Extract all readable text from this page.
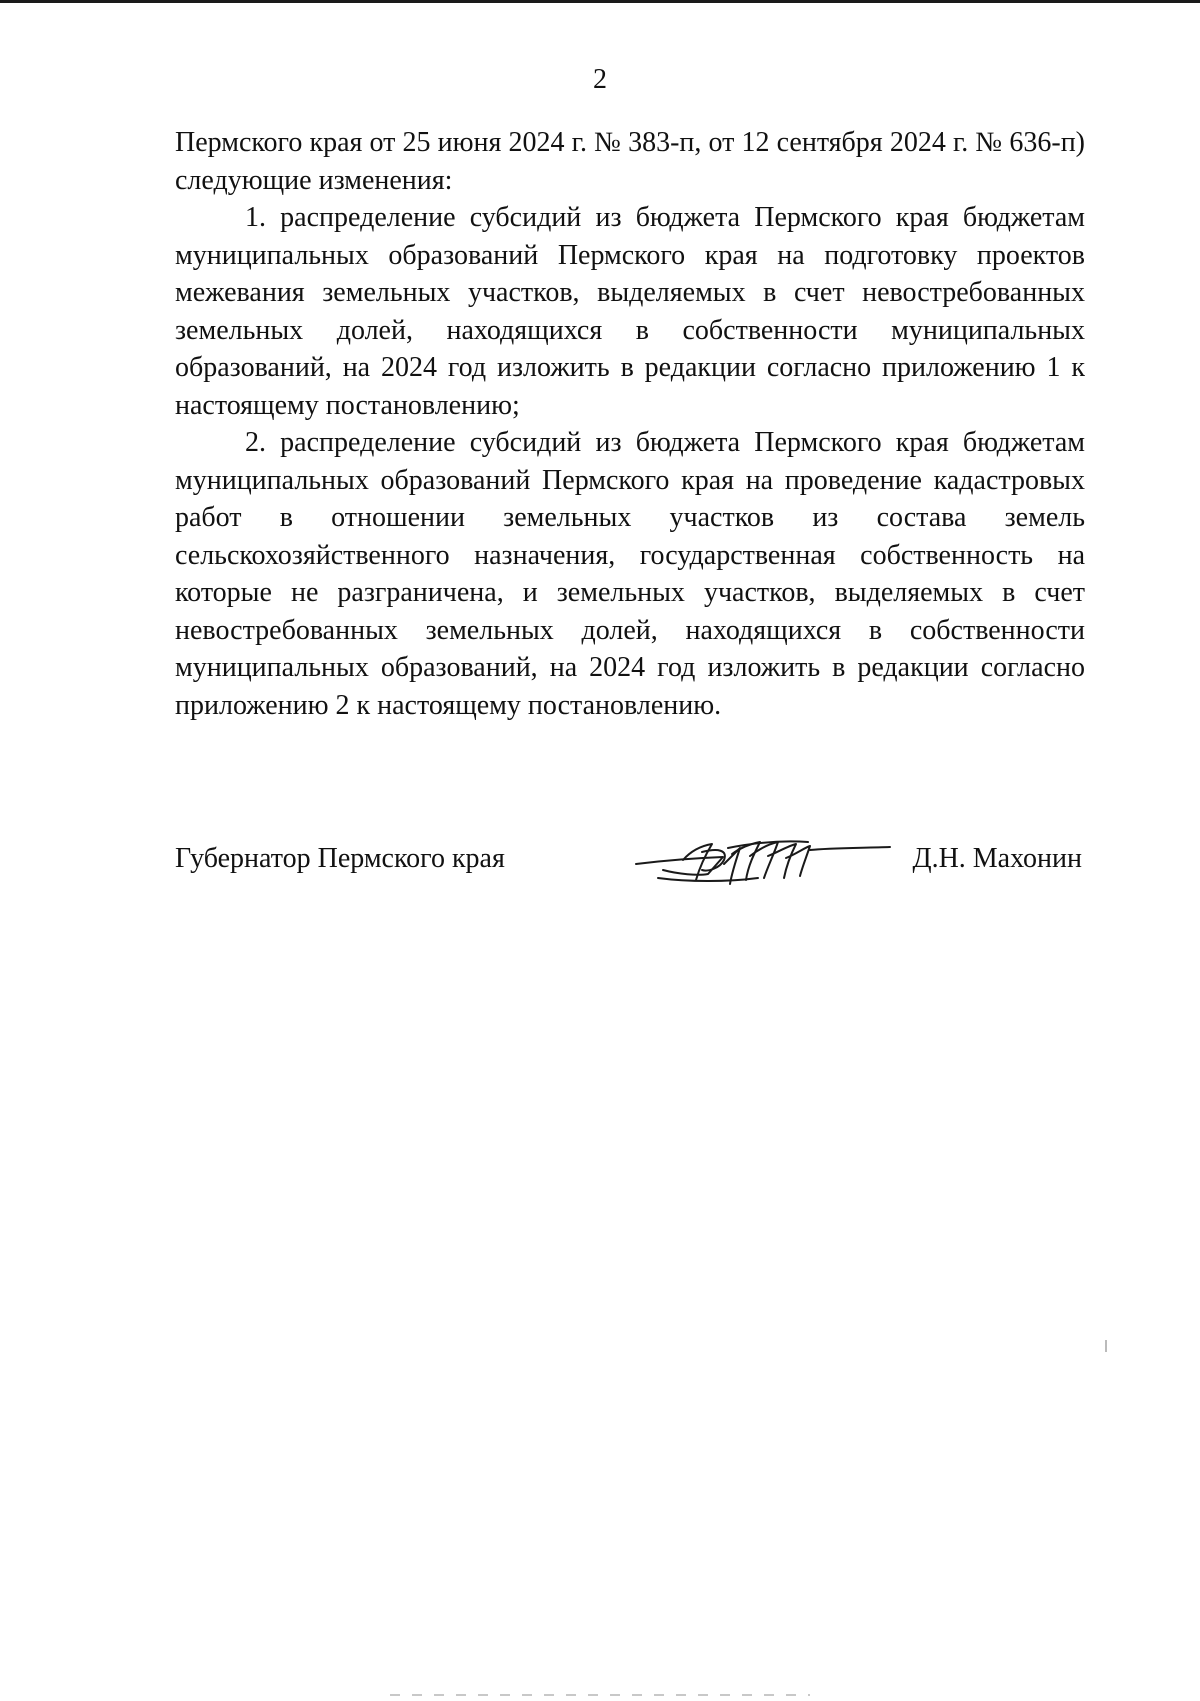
2

Пермского края от 25 июня 2024 г. № 383-п, от 12 сентября 2024 г. № 636-п) следующие изменения:

1. распределение субсидий из бюджета Пермского края бюджетам муниципальных образований Пермского края на подготовку проектов межевания земельных участков, выделяемых в счет невостребованных земельных долей, находящихся в собственности муниципальных образований, на 2024 год изложить в редакции согласно приложению 1 к настоящему постановлению;

2. распределение субсидий из бюджета Пермского края бюджетам муниципальных образований Пермского края на проведение кадастровых работ в отношении земельных участков из состава земель сельскохозяйственного назначения, государственная собственность на которые не разграничена, и земельных участков, выделяемых в счет невостребованных земельных долей, находящихся в собственности муниципальных образований, на 2024 год изложить в редакции согласно приложению 2 к настоящему постановлению.

Губернатор Пермского края	Д.Н. Махонин
